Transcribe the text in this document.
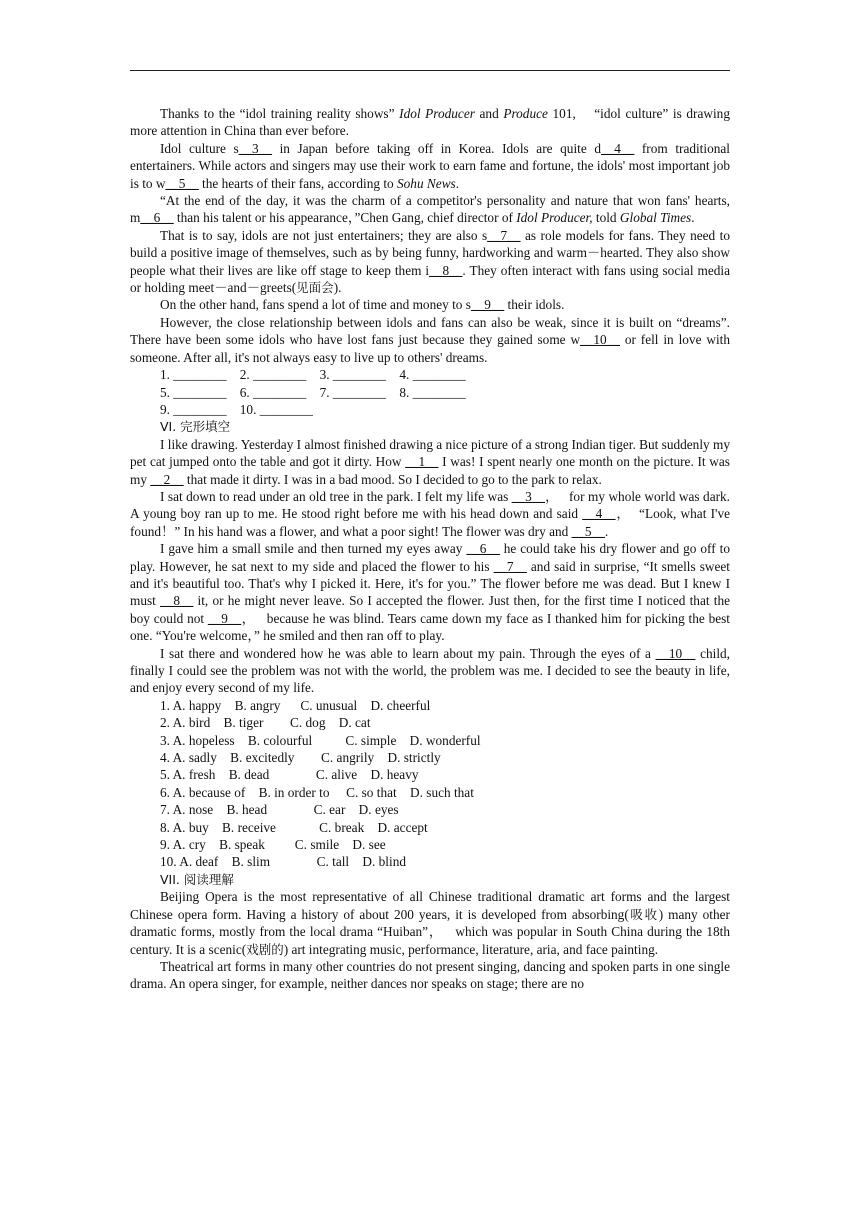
Thanks to the “idol training reality shows” Idol Producer and Produce 101,    “idol culture” is drawing more attention in China than ever before.

Idol culture s__3__ in Japan before taking off in Korea. Idols are quite d__4__ from traditional entertainers. While actors and singers may use their work to earn fame and fortune, the idols' most important job is to w__5__ the hearts of their fans, according to Sohu News.

“At the end of the day, it was the charm of a competitor's personality and nature that won fans' hearts, m__6__ than his talent or his appearance，”Chen Gang, chief director of Idol Producer, told Global Times.

That is to say, idols are not just entertainers; they are also s__7__ as role models for fans. They need to build a positive image of themselves, such as by being funny, hardworking and warm－hearted. They also show people what their lives are like off stage to keep them i__8__. They often interact with fans using social media or holding meet－and－greets(见面会).

On the other hand, fans spend a lot of time and money to s__9__ their idols.

However, the close relationship between idols and fans can also be weak, since it is built on “dreams”. There have been some idols who have lost fans just because they gained some w__10__ or fell in love with someone. After all, it's not always easy to live up to others' dreams.

1. ________    2. ________    3. ________    4. ________
5. ________    6. ________    7. ________    8. ________
9. ________    10. ________
VI. 完形填空

I like drawing. Yesterday I almost finished drawing a nice picture of a strong Indian tiger. But suddenly my pet cat jumped onto the table and got it dirty. How __1__ I was! I spent nearly one month on the picture. It was my __2__ that made it dirty. I was in a bad mood. So I decided to go to the park to relax.

I sat down to read under an old tree in the park. I felt my life was __3__，   for my whole world was dark. A young boy ran up to me. He stood right before me with his head down and said __4__，  “Look, what I've found！” In his hand was a flower, and what a poor sight! The flower was dry and __5__.

I gave him a small smile and then turned my eyes away __6__ he could take his dry flower and go off to play. However, he sat next to my side and placed the flower to his __7__ and said in surprise, “It smells sweet and it's beautiful too. That's why I picked it. Here, it's for you.” The flower before me was dead. But I knew I must __8__ it, or he might never leave. So I accepted the flower. Just then, for the first time I noticed that the boy could not __9__，   because he was blind. Tears came down my face as I thanked him for picking the best one. “You're welcome，” he smiled and then ran off to play.

I sat there and wondered how he was able to learn about my pain. Through the eyes of a __10__ child, finally I could see the problem was not with the world, the problem was me. I decided to see the beauty in life, and enjoy every second of my life.

1. A. happy    B. angry      C. unusual    D. cheerful
2. A. bird    B. tiger        C. dog    D. cat
3. A. hopeless    B. colourful          C. simple    D. wonderful
4. A. sadly    B. excitedly        C. angrily    D. strictly
5. A. fresh    B. dead              C. alive    D. heavy
6. A. because of    B. in order to     C. so that    D. such that
7. A. nose    B. head              C. ear    D. eyes
8. A. buy    B. receive             C. break    D. accept
9. A. cry    B. speak         C. smile    D. see
10. A. deaf    B. slim              C. tall    D. blind
VII. 阅读理解

Beijing Opera is the most representative of all Chinese traditional dramatic art forms and the largest Chinese opera form. Having a history of about 200 years, it is developed from absorbing(吸收) many other dramatic forms, mostly from the local drama “Huiban”，   which was popular in South China during the 18th century. It is a scenic(戏剧的) art integrating music, performance, literature, aria, and face painting.

Theatrical art forms in many other countries do not present singing, dancing and spoken parts in one single drama. An opera singer, for example, neither dances nor speaks on stage; there are no
